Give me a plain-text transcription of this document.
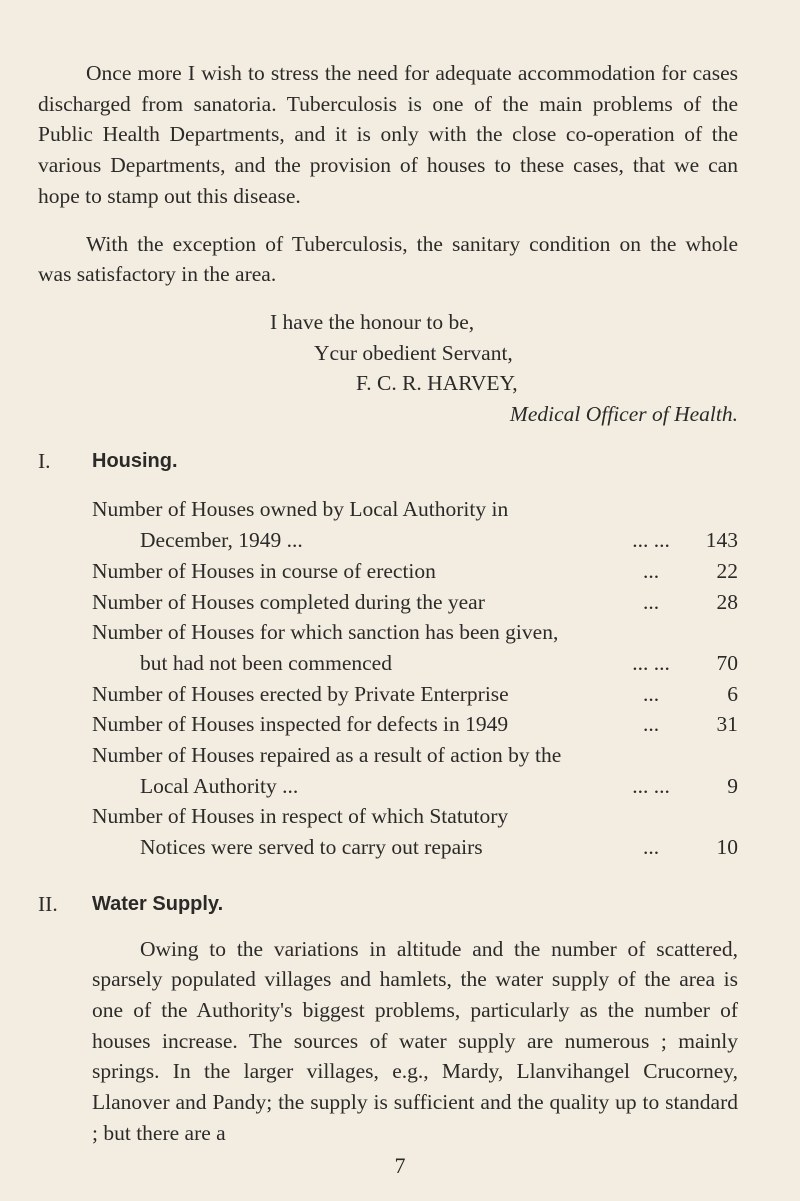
Once more I wish to stress the need for adequate accommodation for cases discharged from sanatoria. Tuberculosis is one of the main problems of the Public Health Departments, and it is only with the close co-operation of the various Departments, and the provision of houses to these cases, that we can hope to stamp out this disease.

With the exception of Tuberculosis, the sanitary condition on the whole was satisfactory in the area.

I have the honour to be,

Ycur obedient Servant,

F. C. R. HARVEY,

Medical Officer of Health.

I.	Housing.
Number of Houses owned by Local Authority in
December, 1949 ...	... ...	143
Number of Houses in course of erection	...	22
Number of Houses completed during the year	...	28
Number of Houses for which sanction has been given,
but had not been commenced	... ...	70
Number of Houses erected by Private Enterprise	...	6
Number of Houses inspected for defects in 1949	...	31
Number of Houses repaired as a result of action by the
Local Authority ...	... ...	9
Number of Houses in respect of which Statutory
Notices were served to carry out repairs	...	10
II.	Water Supply.

Owing to the variations in altitude and the number of scattered, sparsely populated villages and hamlets, the water supply of the area is one of the Authority's biggest problems, particularly as the number of houses increase. The sources of water supply are numerous ; mainly springs. In the larger villages, e.g., Mardy, Llanvihangel Crucorney, Llanover and Pandy; the supply is sufficient and the quality up to standard ; but there are a

7
